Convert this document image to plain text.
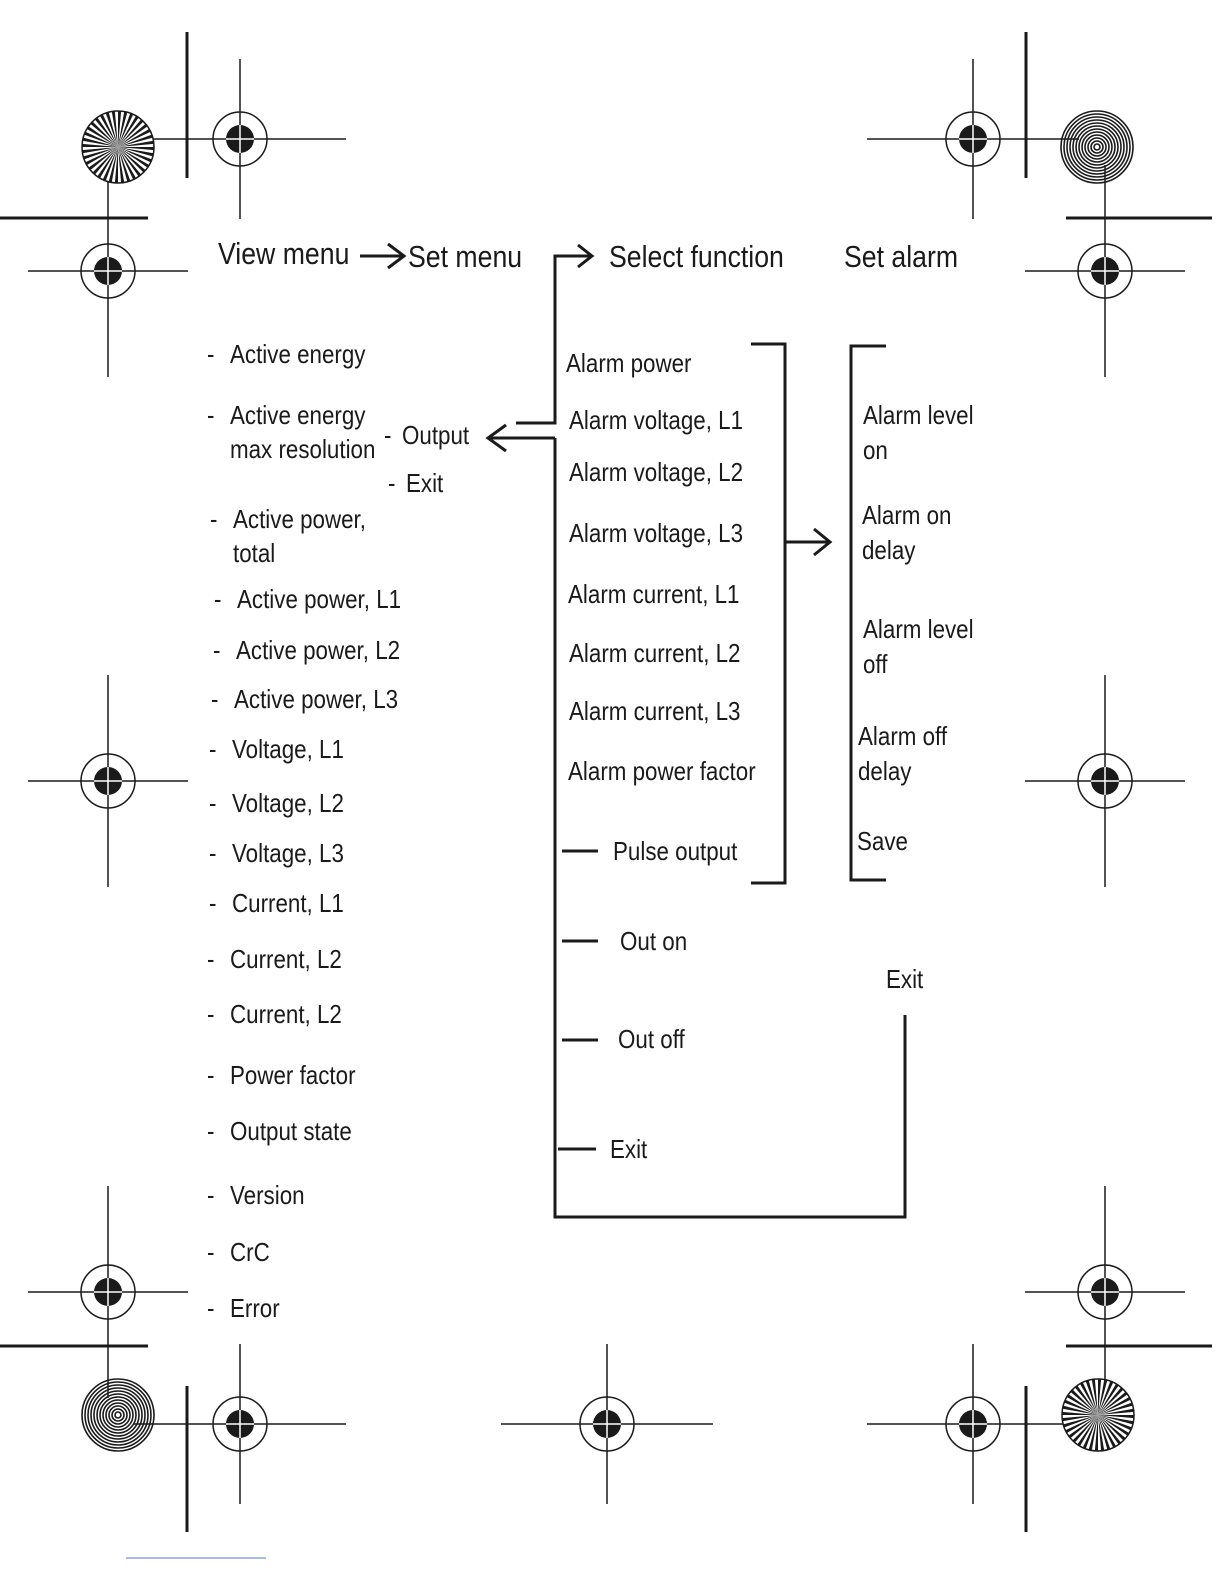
View menu Set menu	Select function Set alarm
- Active energy
- Active energy
max resolution
- Active power,
total
- Active power, L1
- Active power, L2
- Active power, L3
- Voltage, L1
- Voltage, L2
- Voltage, L3
- Current, L1
- Current, L2
- Current, L2
- Power factor
- Output state
- Version
- CrC
- Error
- Output
- Exit
Alarm power
Alarm voltage, L1
Alarm voltage, L2
Alarm voltage, L3
Alarm current, L1
Alarm current, L2
Alarm current, L3
Alarm power factor
Pulse output
Out on
Out off
Exit
Alarm level
on
Alarm on
delay
Alarm level
off
Alarm off
delay
Save
Exit
